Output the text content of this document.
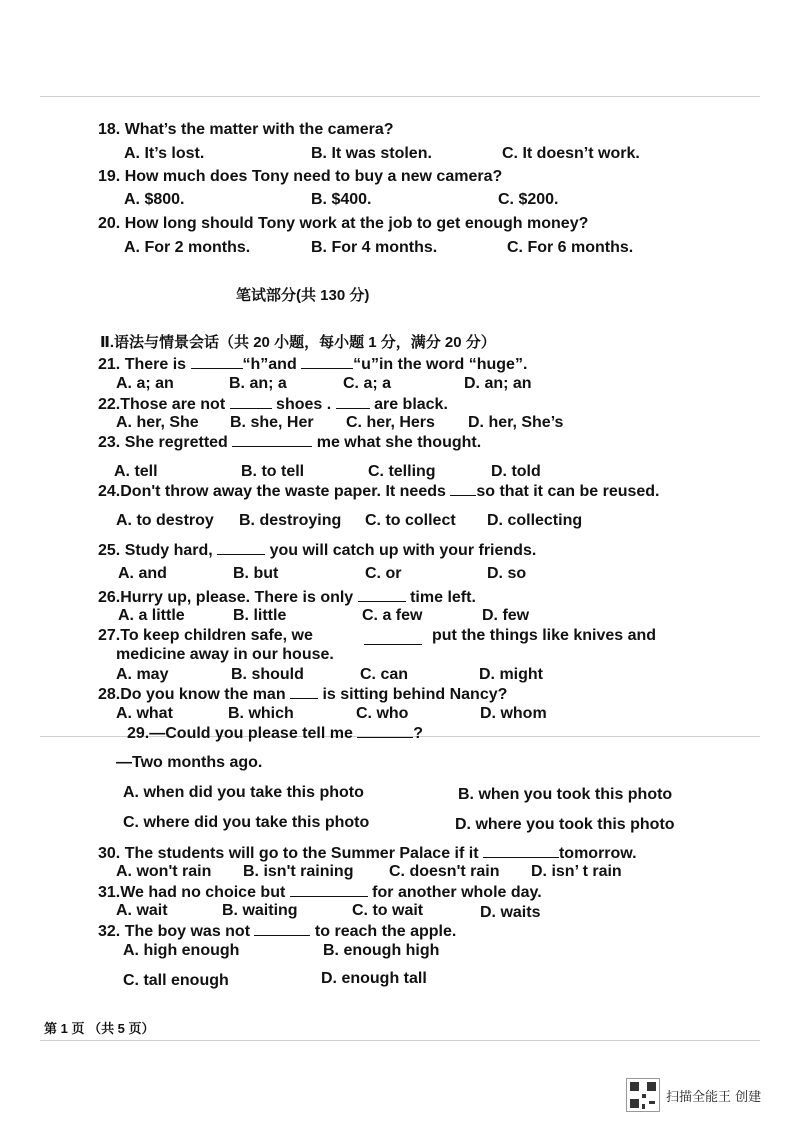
18. What’s the matter with the camera?
A. It’s lost.	B. It was stolen.	C. It doesn’t work.
19. How much does Tony need to buy a new camera?
A. $800.	B. $400.	C. $200.
20. How long should Tony work at the job to get enough money?
A. For 2 months.	B. For 4 months.	C. For 6 months.
笔试部分(共 130 分)
Ⅱ.语法与情景会话（共 20 小题，每小题 1 分，满分 20 分）
21. There is	“h”and	“u”in the word “huge”.
A. a; an	B. an; a	C. a; a	D. an; an
22.Those are not	shoes .  are black.
A. her, She B. she, Her C. her, Hers D. her, She’s
23. She regretted	me what she thought.
A. tell	B. to tell	C. telling	D. told
24.Don't throw away the waste paper. It needs so that it can be reused.
A. to destroy B. destroying C. to collect D. collecting
25. Study hard,	you will catch up with your friends.
A. and	B. but	C. or	D. so
26.Hurry up, please. There is only	time left.
A. a little	B. little	C. a few	D. few
27.To keep children safe, we	put the things like knives and
medicine away in our house.
A. may	B. should	C. can	D. might
28.Do you know the man  is sitting behind Nancy?
A. what	B. which	C. who	D. whom
29.—Could you please tell me	?
—Two months ago.
A. when did you take this photo	B. when you took this photo
C. where did you take this photo	D. where you took this photo
30. The students will go to the Summer Palace if it	tomorrow.
A. won't rain B. isn't raining C. doesn't rain D. isn’ t rain
31.We had no choice but	for another whole day.
A. wait	B. waiting	C. to wait	D. waits
32. The boy was not	to reach the apple.
A. high enough	B. enough high
C. tall enough	D. enough tall
第 1 页 （共 5 页）
扫描全能王 创建
